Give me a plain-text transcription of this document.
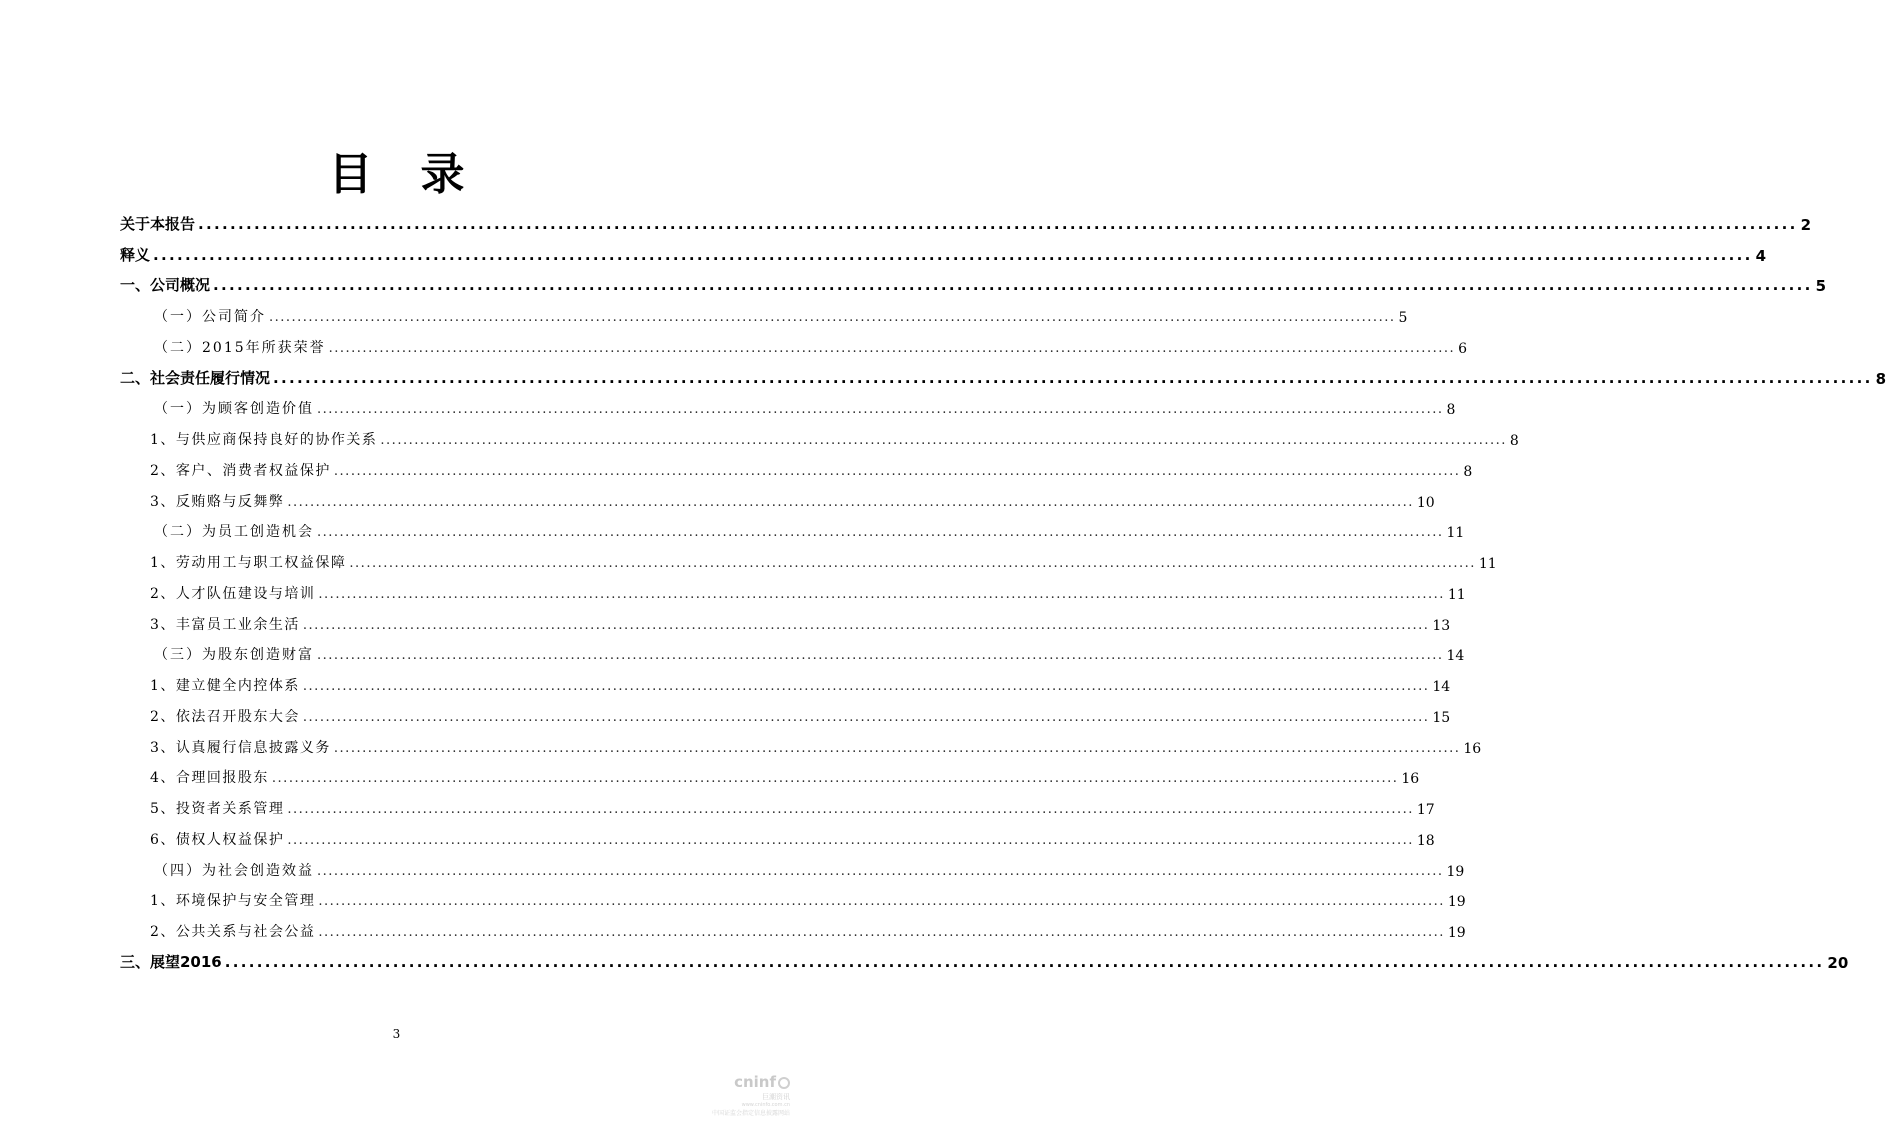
目录
关于本报告 ........................................................................................................................................................................................................ 2
释义 ........................................................................................................................................................................................................ 4
一、公司概况 ........................................................................................................................................................................................................ 5
（一）公司简介 ........................................................................................................................................................................................................ 5
（二）2015年所获荣誉 ........................................................................................................................................................................................................ 6
二、社会责任履行情况 ........................................................................................................................................................................................................ 8
（一）为顾客创造价值 ........................................................................................................................................................................................................ 8
1、与供应商保持良好的协作关系 ........................................................................................................................................................................................................ 8
2、客户、消费者权益保护 ........................................................................................................................................................................................................ 8
3、反贿赂与反舞弊 ........................................................................................................................................................................................................ 10
（二）为员工创造机会 ........................................................................................................................................................................................................ 11
1、劳动用工与职工权益保障 ........................................................................................................................................................................................................ 11
2、人才队伍建设与培训 ........................................................................................................................................................................................................ 11
3、丰富员工业余生活 ........................................................................................................................................................................................................ 13
（三）为股东创造财富 ........................................................................................................................................................................................................ 14
1、建立健全内控体系 ........................................................................................................................................................................................................ 14
2、依法召开股东大会 ........................................................................................................................................................................................................ 15
3、认真履行信息披露义务 ........................................................................................................................................................................................................ 16
4、合理回报股东 ........................................................................................................................................................................................................ 16
5、投资者关系管理 ........................................................................................................................................................................................................ 17
6、债权人权益保护 ........................................................................................................................................................................................................ 18
（四）为社会创造效益 ........................................................................................................................................................................................................ 19
1、环境保护与安全管理 ........................................................................................................................................................................................................ 19
2、公共关系与社会公益 ........................................................................................................................................................................................................ 19
三、展望2016 ........................................................................................................................................................................................................ 20
3
cninf
巨潮资讯
www.cninfo.com.cn
中国证监会指定信息披露网站
